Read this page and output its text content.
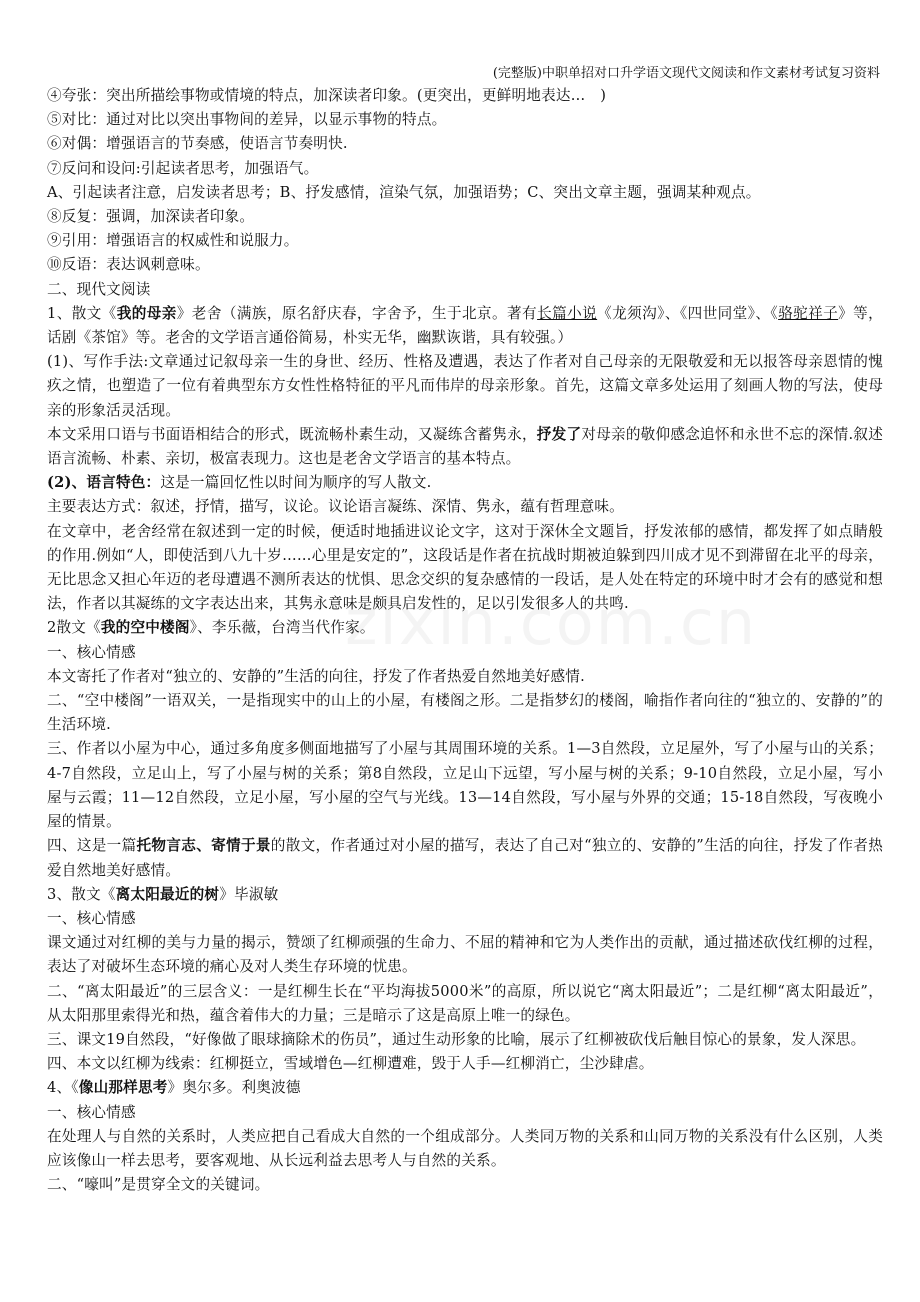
(完整版)中职单招对口升学语文现代文阅读和作文素材考试复习资料

④夸张：突出所描绘事物或情境的特点，加深读者印象。(更突出，更鲜明地表达…　)

⑤对比：通过对比以突出事物间的差异，以显示事物的特点。

⑥对偶：增强语言的节奏感，使语言节奏明快.

⑦反问和设问:引起读者思考，加强语气。

A、引起读者注意，启发读者思考；B、抒发感情，渲染气氛，加强语势；C、突出文章主题，强调某种观点。

⑧反复：强调，加深读者印象。

⑨引用：增强语言的权威性和说服力。

⑩反语：表达讽刺意味。

二、现代文阅读

1、散文《我的母亲》老舍（满族，原名舒庆春，字舍予，生于北京。著有长篇小说《龙须沟》、《四世同堂》、《骆驼祥子》等，话剧《茶馆》等。老舍的文学语言通俗简易，朴实无华，幽默诙谐，具有较强。）

(1)、写作手法:文章通过记叙母亲一生的身世、经历、性格及遭遇，表达了作者对自己母亲的无限敬爱和无以报答母亲恩情的愧疚之情，也塑造了一位有着典型东方女性性格特征的平凡而伟岸的母亲形象。首先，这篇文章多处运用了刻画人物的写法，使母亲的形象活灵活现。

本文采用口语与书面语相结合的形式，既流畅朴素生动，又凝练含蓄隽永，抒发了对母亲的敬仰感念追怀和永世不忘的深情.叙述语言流畅、朴素、亲切，极富表现力。这也是老舍文学语言的基本特点。

(2)、语言特色：这是一篇回忆性以时间为顺序的写人散文.

主要表达方式：叙述，抒情，描写，议论。议论语言凝练、深情、隽永，蕴有哲理意味。

在文章中，老舍经常在叙述到一定的时候，便适时地插进议论文字，这对于深休全文题旨，抒发浓郁的感情，都发挥了如点睛般的作用.例如“人，即使活到八九十岁……心里是安定的”，这段话是作者在抗战时期被迫躲到四川成才见不到滞留在北平的母亲，无比思念又担心年迈的老母遭遇不测所表达的忧惧、思念交织的复杂感情的一段话，是人处在特定的环境中时才会有的感觉和想法，作者以其凝练的文字表达出来，其隽永意味是颇具启发性的，足以引发很多人的共鸣.

2散文《我的空中楼阁》、李乐薇，台湾当代作家。

一、核心情感

本文寄托了作者对“独立的、安静的”生活的向往，抒发了作者热爱自然地美好感情.

二、“空中楼阁”一语双关，一是指现实中的山上的小屋，有楼阁之形。二是指梦幻的楼阁，喻指作者向往的“独立的、安静的”的生活环境.

三、作者以小屋为中心，通过多角度多侧面地描写了小屋与其周围环境的关系。1—3自然段，立足屋外，写了小屋与山的关系；4-7自然段，立足山上，写了小屋与树的关系；第8自然段，立足山下远望，写小屋与树的关系；9-10自然段，立足小屋，写小屋与云霞；11—12自然段，立足小屋，写小屋的空气与光线。13—14自然段，写小屋与外界的交通；15-18自然段，写夜晚小屋的情景。

四、这是一篇托物言志、寄情于景的散文，作者通过对小屋的描写，表达了自己对“独立的、安静的”生活的向往，抒发了作者热爱自然地美好感情。

3、散文《离太阳最近的树》毕淑敏

一、核心情感

课文通过对红柳的美与力量的揭示，赞颂了红柳顽强的生命力、不屈的精神和它为人类作出的贡献，通过描述砍伐红柳的过程，表达了对破坏生态环境的痛心及对人类生存环境的忧患。

二、“离太阳最近”的三层含义：一是红柳生长在“平均海拔5000米”的高原，所以说它“离太阳最近”；二是红柳“离太阳最近”，从太阳那里索得光和热，蕴含着伟大的力量；三是暗示了这是高原上唯一的绿色。

三、课文19自然段，“好像做了眼球摘除术的伤员”，通过生动形象的比喻，展示了红柳被砍伐后触目惊心的景象，发人深思。

四、本文以红柳为线索：红柳挺立，雪域增色—红柳遭难，毁于人手—红柳消亡，尘沙肆虐。

4、《像山那样思考》奥尔多。利奥波德

一、核心情感

在处理人与自然的关系时，人类应把自己看成大自然的一个组成部分。人类同万物的关系和山同万物的关系没有什么区别，人类应该像山一样去思考，要客观地、从长远利益去思考人与自然的关系。

二、“嚎叫”是贯穿全文的关键词。
